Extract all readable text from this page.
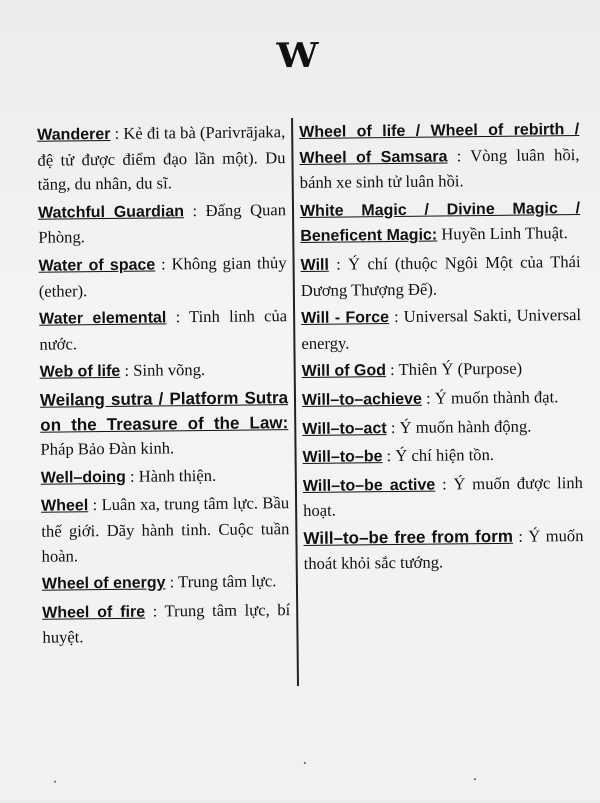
W
Wanderer : Kẻ đi ta bà (Parivrājaka, đệ tử được điểm đạo lần một). Du tăng, du nhân, du sĩ.
Watchful Guardian : Đấng Quan Phòng.
Water of space : Không gian thủy (ether).
Water elemental : Tinh linh của nước.
Web of life : Sinh võng.
Weilang sutra / Platform Sutra on the Treasure of the Law: Pháp Bảo Đàn kinh.
Well–doing : Hành thiện.
Wheel : Luân xa, trung tâm lực. Bầu thế giới. Dãy hành tinh. Cuộc tuần hoàn.
Wheel of energy : Trung tâm lực.
Wheel of fire : Trung tâm lực, bí huyệt.
Wheel of life / Wheel of rebirth / Wheel of Samsara : Vòng luân hồi, bánh xe sinh tử luân hồi.
White Magic / Divine Magic / Beneficent Magic: Huyền Linh Thuật.
Will : Ý chí (thuộc Ngôi Một của Thái Dương Thượng Đế).
Will - Force : Universal Sakti, Universal energy.
Will of God : Thiên Ý (Purpose)
Will–to–achieve : Ý muốn thành đạt.
Will–to–act : Ý muốn hành động.
Will–to–be : Ý chí hiện tồn.
Will–to–be active : Ý muốn được linh hoạt.
Will–to–be free from form : Ý muốn thoát khỏi sắc tướng.
